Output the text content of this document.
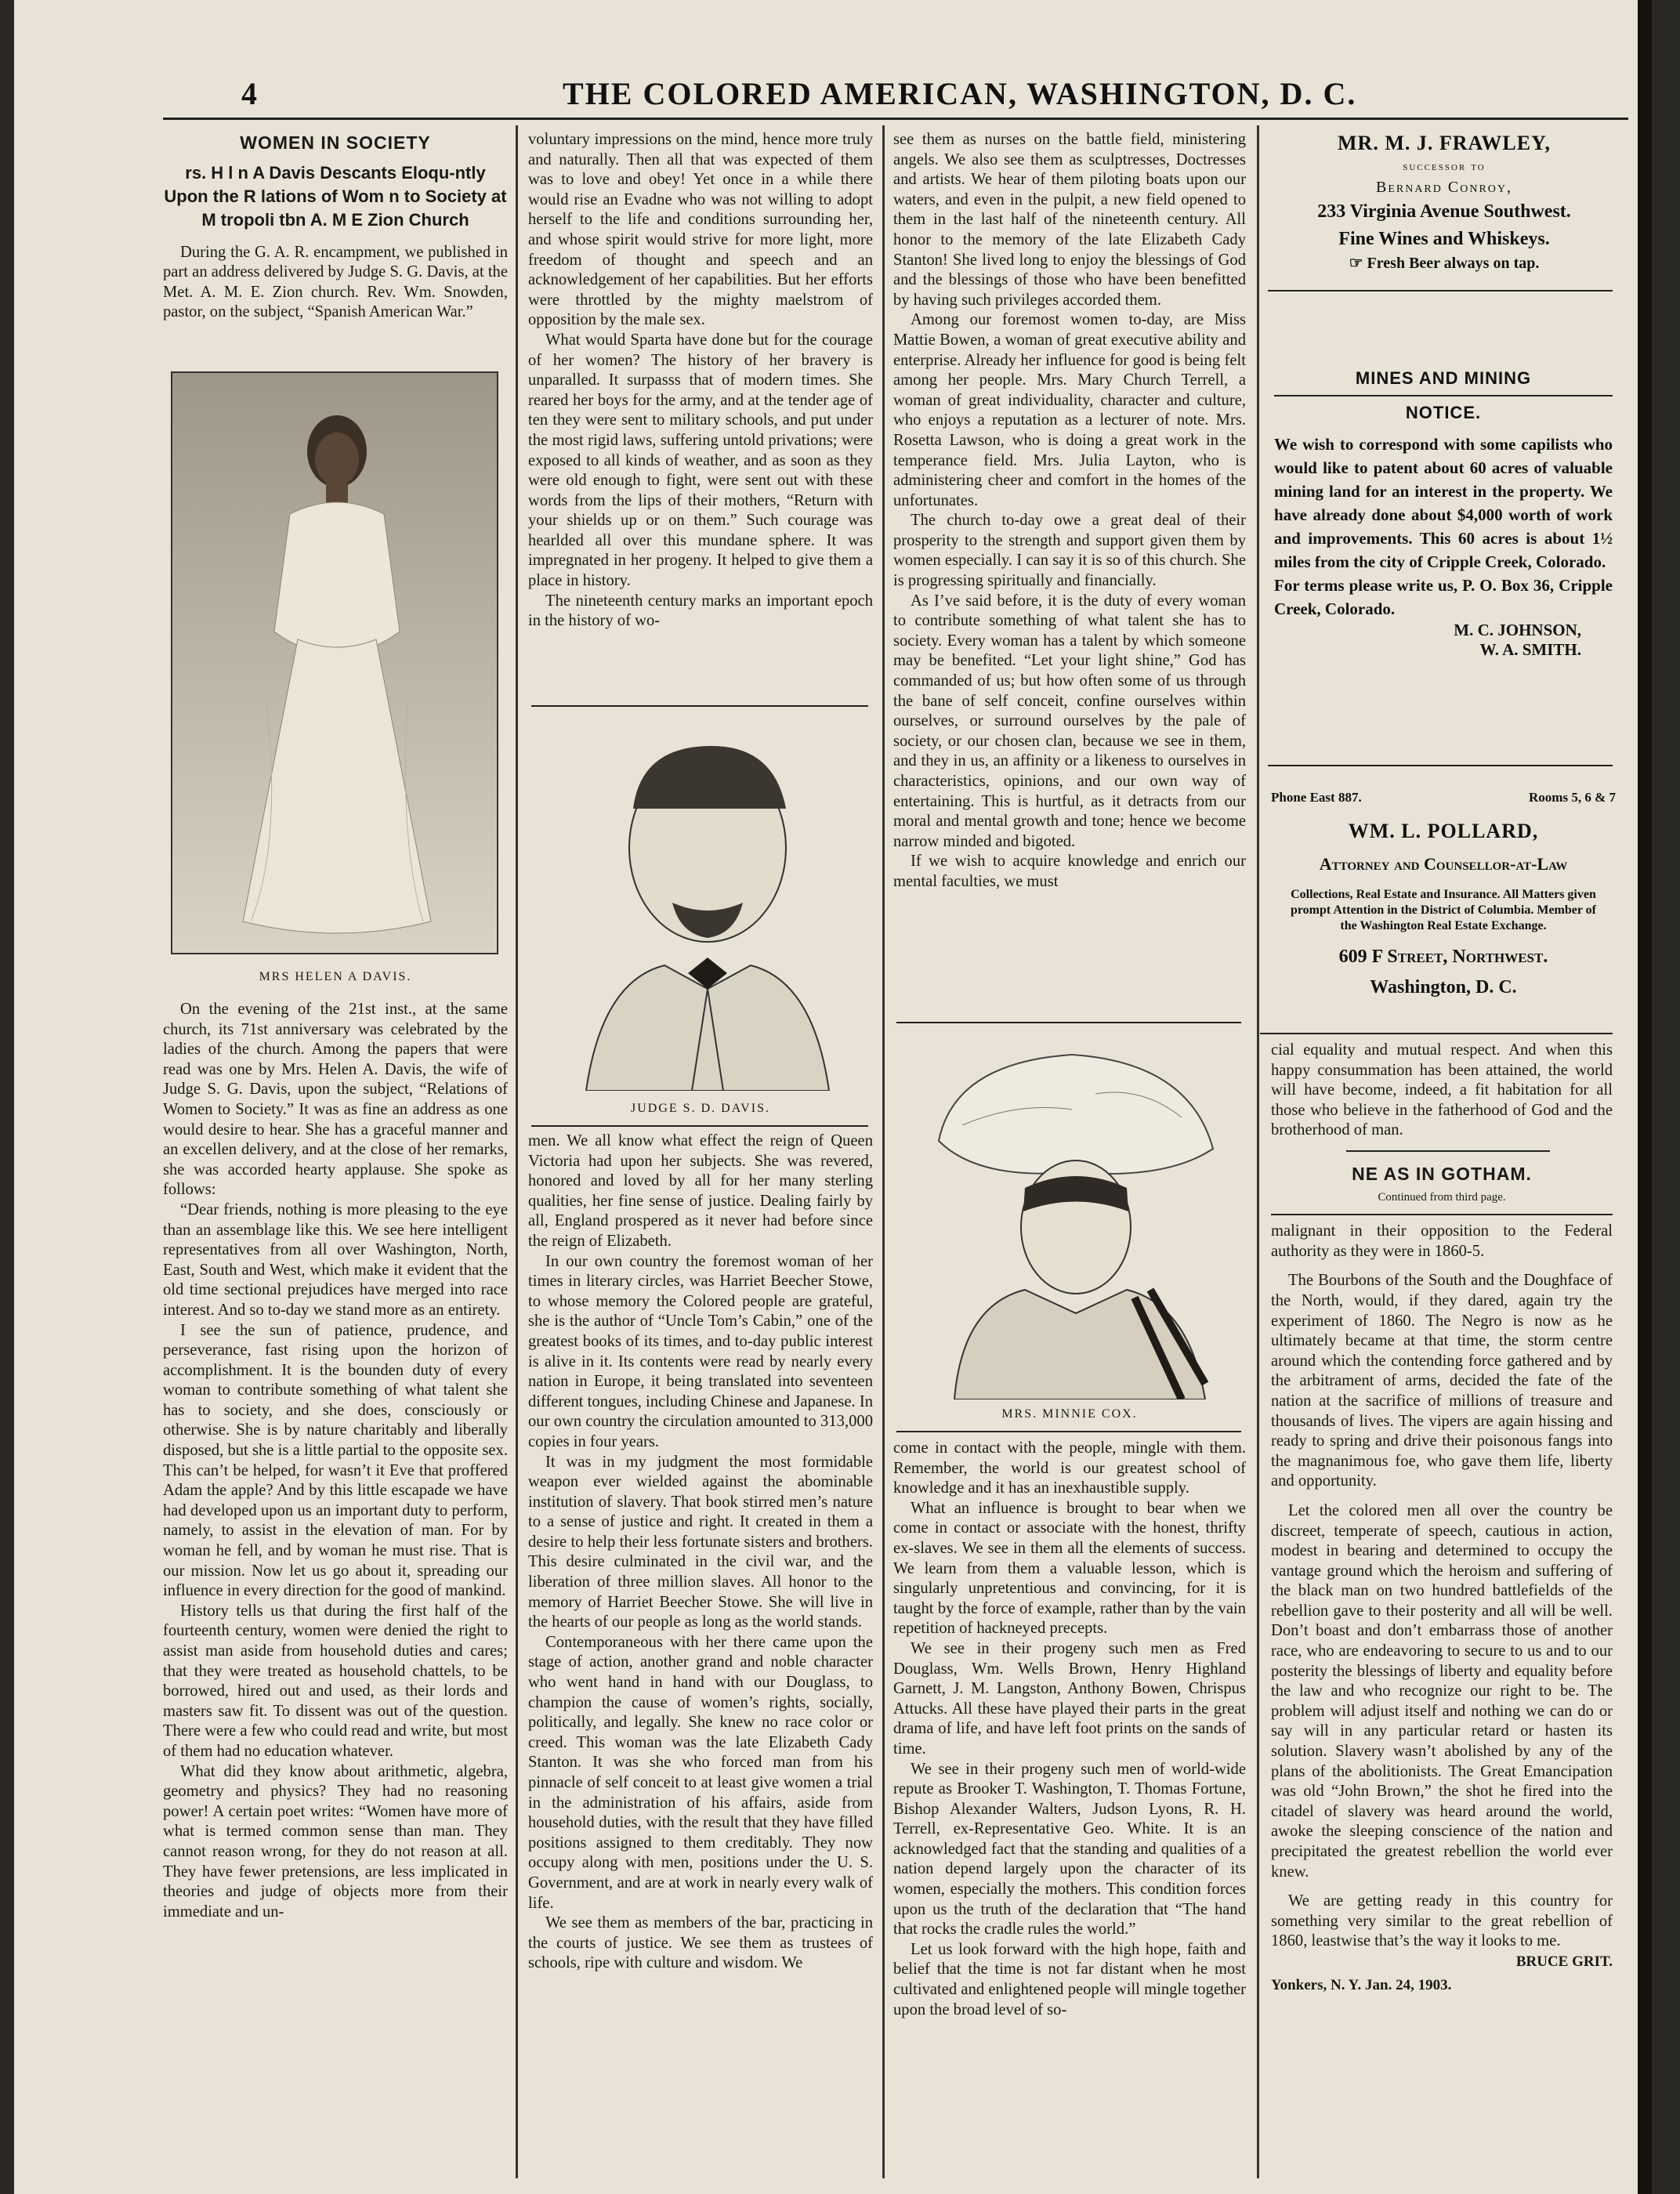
4	THE COLORED AMERICAN, WASHINGTON, D. C.
WOMEN IN SOCIETY
rs. H l n A Davis Descants Eloqu-ntly Upon the R lations of Wom n to Society at M tropoli tbn A. M E Zion Church

During the G. A. R. encampment, we published in part an address delivered by Judge S. G. Davis, at the Met. A. M. E. Zion church. Rev. Wm. Snowden, pastor, on the subject, “Spanish American War.”

MRS HELEN A DAVIS.

On the evening of the 21st inst., at the same church, its 71st anniversary was celebrated by the ladies of the church. Among the papers that were read was one by Mrs. Helen A. Davis, the wife of Judge S. G. Davis, upon the subject, “Relations of Women to Society.” It was as fine an address as one would desire to hear. She has a graceful manner and an excellen delivery, and at the close of her remarks, she was accorded hearty applause. She spoke as follows:

“Dear friends, nothing is more pleasing to the eye than an assemblage like this. We see here intelligent representatives from all over Washington, North, East, South and West, which make it evident that the old time sectional prejudices have merged into race interest. And so to-day we stand more as an entirety.

I see the sun of patience, prudence, and perseverance, fast rising upon the horizon of accomplishment. It is the bounden duty of every woman to contribute something of what talent she has to society, and she does, consciously or otherwise. She is by nature charitably and liberally disposed, but she is a little partial to the opposite sex. This can’t be helped, for wasn’t it Eve that proffered Adam the apple? And by this little escapade we have had developed upon us an important duty to perform, namely, to assist in the elevation of man. For by woman he fell, and by woman he must rise. That is our mission. Now let us go about it, spreading our influence in every direction for the good of mankind.

History tells us that during the first half of the fourteenth century, women were denied the right to assist man aside from household duties and cares; that they were treated as household chattels, to be borrowed, hired out and used, as their lords and masters saw fit. To dissent was out of the question. There were a few who could read and write, but most of them had no education whatever.

What did they know about arithmetic, algebra, geometry and physics? They had no reasoning power! A certain poet writes: “Women have more of what is termed common sense than man. They cannot reason wrong, for they do not reason at all. They have fewer pretensions, are less implicated in theories and judge of objects more from their immediate and un-

voluntary impressions on the mind, hence more truly and naturally. Then all that was expected of them was to love and obey! Yet once in a while there would rise an Evadne who was not willing to adopt herself to the life and conditions surrounding her, and whose spirit would strive for more light, more freedom of thought and speech and an acknowledgement of her capabilities. But her efforts were throttled by the mighty maelstrom of opposition by the male sex.

What would Sparta have done but for the courage of her women? The history of her bravery is unparalled. It surpasss that of modern times. She reared her boys for the army, and at the tender age of ten they were sent to military schools, and put under the most rigid laws, suffering untold privations; were exposed to all kinds of weather, and as soon as they were old enough to fight, were sent out with these words from the lips of their mothers, “Return with your shields up or on them.” Such courage was hearlded all over this mundane sphere. It was impregnated in her progeny. It helped to give them a place in history.

The nineteenth century marks an important epoch in the history of wo-

JUDGE S. D. DAVIS.

men. We all know what effect the reign of Queen Victoria had upon her subjects. She was revered, honored and loved by all for her many sterling qualities, her fine sense of justice. Dealing fairly by all, England prospered as it never had before since the reign of Elizabeth.

In our own country the foremost woman of her times in literary circles, was Harriet Beecher Stowe, to whose memory the Colored people are grateful, she is the author of “Uncle Tom’s Cabin,” one of the greatest books of its times, and to-day public interest is alive in it. Its contents were read by nearly every nation in Europe, it being translated into seventeen different tongues, including Chinese and Japanese. In our own country the circulation amounted to 313,000 copies in four years.

It was in my judgment the most formidable weapon ever wielded against the abominable institution of slavery. That book stirred men’s nature to a sense of justice and right. It created in them a desire to help their less fortunate sisters and brothers. This desire culminated in the civil war, and the liberation of three million slaves. All honor to the memory of Harriet Beecher Stowe. She will live in the hearts of our people as long as the world stands.

Contemporaneous with her there came upon the stage of action, another grand and noble character who went hand in hand with our Douglass, to champion the cause of women’s rights, socially, politically, and legally. She knew no race color or creed. This woman was the late Elizabeth Cady Stanton. It was she who forced man from his pinnacle of self conceit to at least give women a trial in the administration of his affairs, aside from household duties, with the result that they have filled positions assigned to them creditably. They now occupy along with men, positions under the U. S. Government, and are at work in nearly every walk of life.

We see them as members of the bar, practicing in the courts of justice. We see them as trustees of schools, ripe with culture and wisdom. We

see them as nurses on the battle field, ministering angels. We also see them as sculptresses, Doctresses and artists. We hear of them piloting boats upon our waters, and even in the pulpit, a new field opened to them in the last half of the nineteenth century. All honor to the memory of the late Elizabeth Cady Stanton! She lived long to enjoy the blessings of God and the blessings of those who have been benefitted by having such privileges accorded them.

Among our foremost women to-day, are Miss Mattie Bowen, a woman of great executive ability and enterprise. Already her influence for good is being felt among her people. Mrs. Mary Church Terrell, a woman of great individuality, character and culture, who enjoys a reputation as a lecturer of note. Mrs. Rosetta Lawson, who is doing a great work in the temperance field. Mrs. Julia Layton, who is administering cheer and comfort in the homes of the unfortunates.

The church to-day owe a great deal of their prosperity to the strength and support given them by women especially. I can say it is so of this church. She is progressing spiritually and financially.

As I’ve said before, it is the duty of every woman to contribute something of what talent she has to society. Every woman has a talent by which someone may be benefited. “Let your light shine,” God has commanded of us; but how often some of us through the bane of self conceit, confine ourselves within ourselves, or surround ourselves by the pale of society, or our chosen clan, because we see in them, and they in us, an affinity or a likeness to ourselves in characteristics, opinions, and our own way of entertaining. This is hurtful, as it detracts from our moral and mental growth and tone; hence we become narrow minded and bigoted.

If we wish to acquire knowledge and enrich our mental faculties, we must

MRS. MINNIE COX.

come in contact with the people, mingle with them. Remember, the world is our greatest school of knowledge and it has an inexhaustible supply.

What an influence is brought to bear when we come in contact or associate with the honest, thrifty ex-slaves. We see in them all the elements of success. We learn from them a valuable lesson, which is singularly unpretentious and convincing, for it is taught by the force of example, rather than by the vain repetition of hackneyed precepts.

We see in their progeny such men as Fred Douglass, Wm. Wells Brown, Henry Highland Garnett, J. M. Langston, Anthony Bowen, Chrispus Attucks. All these have played their parts in the great drama of life, and have left foot prints on the sands of time.

We see in their progeny such men of world-wide repute as Brooker T. Washington, T. Thomas Fortune, Bishop Alexander Walters, Judson Lyons, R. H. Terrell, ex-Representative Geo. White. It is an acknowledged fact that the standing and qualities of a nation depend largely upon the character of its women, especially the mothers. This condition forces upon us the truth of the declaration that “The hand that rocks the cradle rules the world.”

Let us look forward with the high hope, faith and belief that the time is not far distant when he most cultivated and enlightened people will mingle together upon the broad level of so-

MR. M. J. FRAWLEY,
successor to
Bernard Conroy,
233 Virginia Avenue Southwest.
Fine Wines and Whiskeys.
☞ Fresh Beer always on tap.
MINES AND MINING
NOTICE.
We wish to correspond with some capilists who would like to patent about 60 acres of valuable mining land for an interest in the property. We have already done about $4,000 worth of work and improvements. This 60 acres is about 1½ miles from the city of Cripple Creek, Colorado.
For terms please write us, P. O. Box 36, Cripple Creek, Colorado.
M. C. JOHNSON,
W. A. SMITH.
Phone East 887.	Rooms 5, 6 & 7
WM. L. POLLARD,
Attorney and Counsellor-at-Law
Collections, Real Estate and Insurance. All Matters given prompt Attention in the District of Columbia. Member of the Washington Real Estate Exchange.
609 F Street, Northwest.
Washington, D. C.

cial equality and mutual respect. And when this happy consummation has been attained, the world will have become, indeed, a fit habitation for all those who believe in the fatherhood of God and the brotherhood of man.

NE AS IN GOTHAM.
Continued from third page.

malignant in their opposition to the Federal authority as they were in 1860-5.

The Bourbons of the South and the Doughface of the North, would, if they dared, again try the experiment of 1860. The Negro is now as he ultimately became at that time, the storm centre around which the contending force gathered and by the arbitrament of arms, decided the fate of the nation at the sacrifice of millions of treasure and thousands of lives. The vipers are again hissing and ready to spring and drive their poisonous fangs into the magnanimous foe, who gave them life, liberty and opportunity.

Let the colored men all over the country be discreet, temperate of speech, cautious in action, modest in bearing and determined to occupy the vantage ground which the heroism and suffering of the black man on two hundred battlefields of the rebellion gave to their posterity and all will be well. Don’t boast and don’t embarrass those of another race, who are endeavoring to secure to us and to our posterity the blessings of liberty and equality before the law and who recognize our right to be. The problem will adjust itself and nothing we can do or say will in any particular retard or hasten its solution. Slavery wasn’t abolished by any of the plans of the abolitionists. The Great Emancipation was old “John Brown,” the shot he fired into the citadel of slavery was heard around the world, awoke the sleeping conscience of the nation and precipitated the greatest rebellion the world ever knew.

We are getting ready in this country for something very similar to the great rebellion of 1860, leastwise that’s the way it looks to me.

BRUCE GRIT.
Yonkers, N. Y. Jan. 24, 1903.
